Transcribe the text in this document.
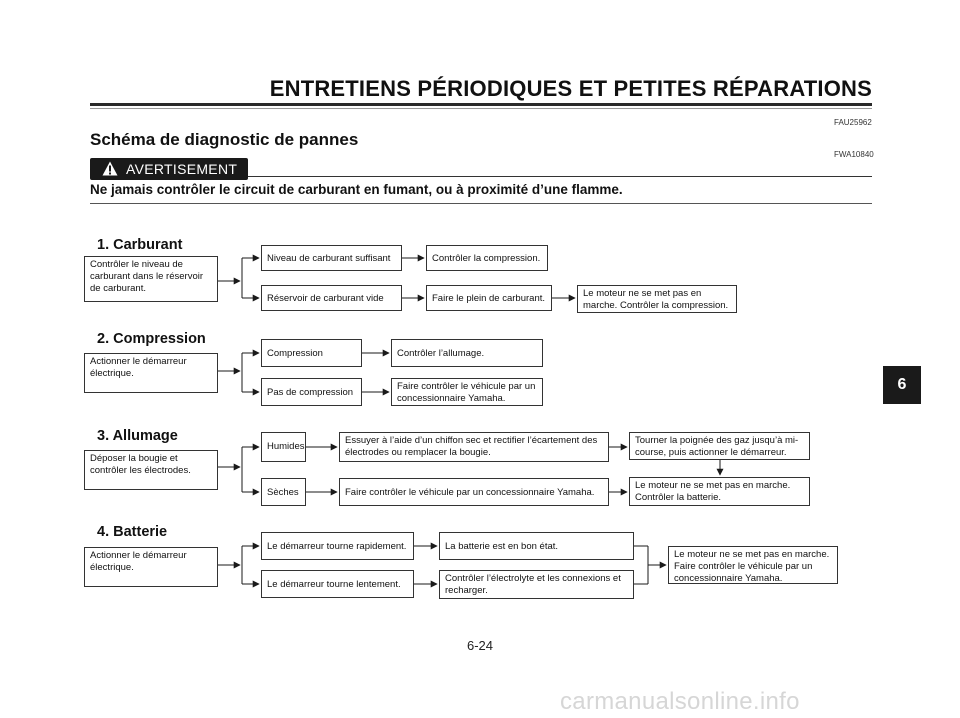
ENTRETIENS PÉRIODIQUES ET PETITES RÉPARATIONS
FAU25962
Schéma de diagnostic de pannes
FWA10840
AVERTISEMENT
Ne jamais contrôler le circuit de carburant en fumant, ou à proximité d’une flamme.
1. Carburant
Contrôler le niveau de carburant dans le réservoir de carburant.
Niveau de carburant suffisant	Contrôler la compression.
Réservoir de carburant vide	Faire le plein de carburant.	Le moteur ne se met pas en marche. Contrôler la compression.
2. Compression
Actionner le démarreur électrique.
Compression	Contrôler l’allumage.
Pas de compression
Faire contrôler le véhicule par un concessionnaire Yamaha.
3. Allumage
Déposer la bougie et contrôler les électrodes.
Humides
Essuyer à l’aide d’un chiffon sec et rectifier l’écartement des électrodes ou remplacer la bougie.
Tourner la poignée des gaz jusqu’à mi-course, puis actionner le démarreur.
Sèches	Faire contrôler le véhicule par un concessionnaire Yamaha.
Le moteur ne se met pas en marche. Contrôler la batterie.
4. Batterie
Actionner le démarreur électrique.
Le démarreur tourne rapidement.	La batterie est en bon état.
Le démarreur tourne lentement.
Contrôler l’électrolyte et les connexions et recharger.
Le moteur ne se met pas en marche. Faire contrôler le véhicule par un concessionnaire Yamaha.
6
6-24
carmanualsonline.info
